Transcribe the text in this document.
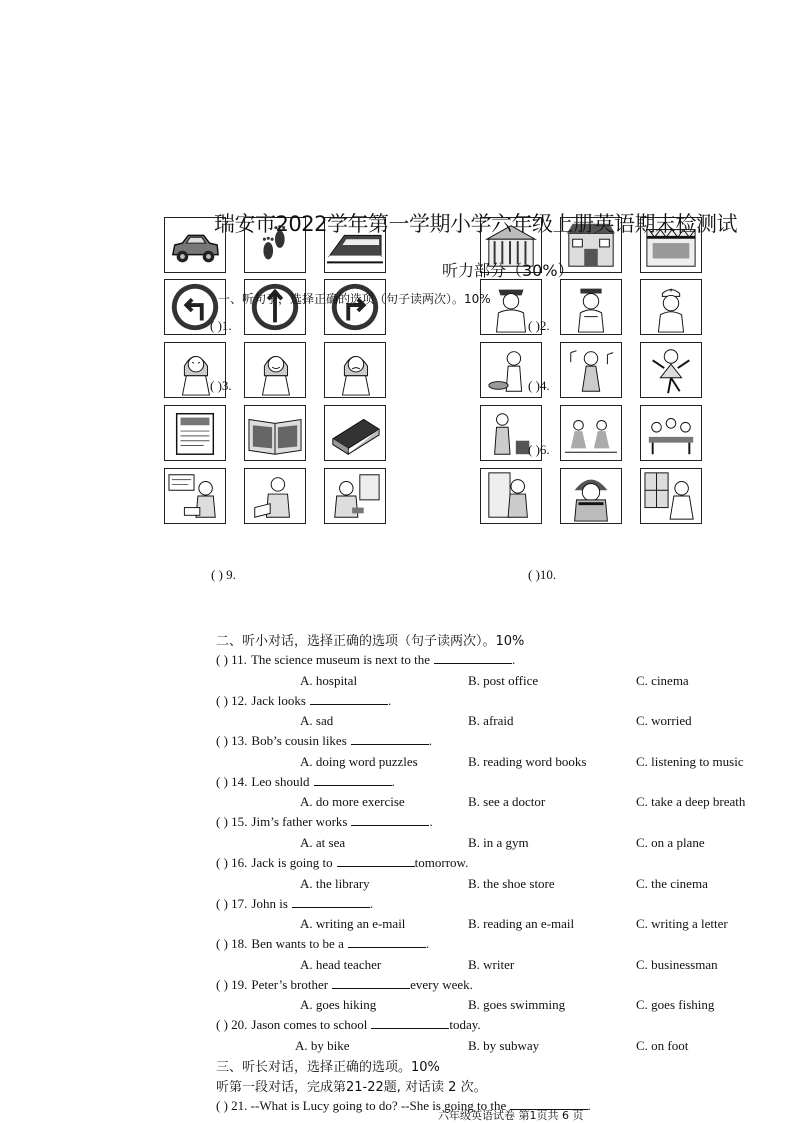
瑞安市2022学年第一学期小学六年级上册英语期末检测试
听力部分（30%）
一、听句子，选择正确的选项（句子读两次）。10%
( )1.	( )2.
( )3.	( )4.
( )6.
( ) 9.	( )10.
二、听小对话，选择正确的选项（句子读两次）。10%
( ) 11. The science museum is next to the	.
A. hospital	B. post office	C. cinema
( ) 12. Jack looks	.
A. sad	B. afraid	C. worried
( ) 13. Bob’s cousin likes	.
A. doing word puzzles	B. reading word books	C. listening to music
( ) 14. Leo should	.
A. do more exercise	B. see a doctor	C. take a deep breath
( ) 15. Jim’s father works	.
A. at sea	B. in a gym	C. on a plane
( ) 16. Jack is going to	tomorrow.
A. the library	B. the shoe store	C. the cinema
( ) 17. John is	.
A. writing an e-mail	B. reading an e-mail	C. writing a letter
( ) 18. Ben wants to be a	.
A. head teacher	B. writer	C. businessman
( ) 19. Peter’s brother	every week.
A. goes hiking	B. goes swimming	C. goes fishing
( ) 20. Jason comes to school	today.
A. by bike	B. by subway	C. on foot
三、听长对话，选择正确的选项。10%
听第一段对话，完成第21-22题, 对话读 2 次。
( ) 21. --What is Lucy going to do? --She is going to the	.
六年级英语试卷 第1页共 6 页
